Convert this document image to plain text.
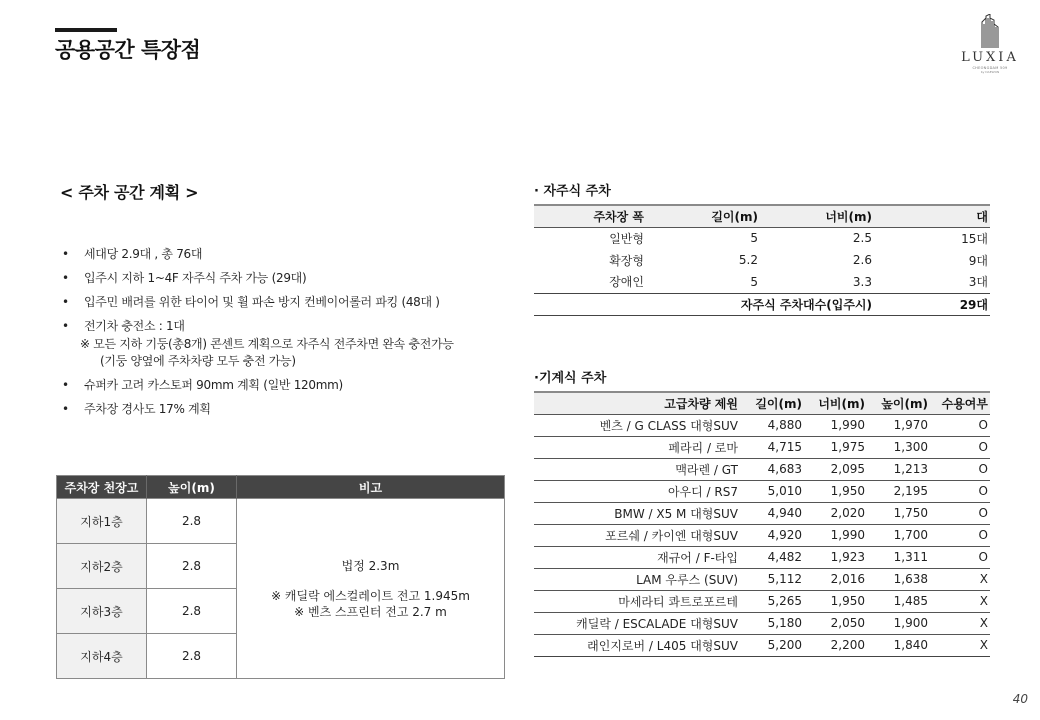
공용공간 특장점	LUXIA
CHEONGDAM 509
by DAEWON
< 주차 공간 계획 >
•	세대당 2.9대 , 총 76대
•	입주시 지하 1~4F 자주식 주차 가능 (29대)
•	입주민 배려를 위한 타이어 및 휠 파손 방지 컨베이어롤러 파킹 (48대 )
•	전기차 충전소 : 1대
※ 모든 지하 기둥(총8개) 콘센트 계획으로 자주식 전주차면 완속 충전가능
(기둥 양옆에 주차차량 모두 충전 가능)
•	슈퍼카 고려 카스토퍼 90mm 계획 (일반 120mm)
•	주차장 경사도 17% 계획
주차장 천장고	높이(m)	비고
지하1층	2.8	법정 2.3m
※ 캐딜락 에스컬레이트 전고 1.945m
※ 벤츠 스프린터 전고 2.7 m

지하2층	2.8	
지하3층	2.8	
지하4층	2.8	
· 자주식 주차
주차장 폭	길이(m)	너비(m)	대
일반형	5	2.5	15대
확장형	5.2	2.6	9대
장애인	5	3.3	3대
	자주식 주차대수(입주시)		29대
·기계식 주차
고급차량 제원	길이(m)	너비(m)	높이(m)	수용여부
벤츠 / G CLASS 대형SUV	4,880	1,990	1,970	O
페라리 / 로마	4,715	1,975	1,300	O
맥라렌 / GT	4,683	2,095	1,213	O
아우디 / RS7	5,010	1,950	2,195	O
BMW / X5 M 대형SUV	4,940	2,020	1,750	O
포르쉐 / 카이엔 대형SUV	4,920	1,990	1,700	O
재규어 / F-타입	4,482	1,923	1,311	O
LAM 우루스 (SUV)	5,112	2,016	1,638	X
마세라티 콰트로포르테	5,265	1,950	1,485	X
캐딜락 / ESCALADE 대형SUV	5,180	2,050	1,900	X
래인지로버 / L405 대형SUV	5,200	2,200	1,840	X
40
